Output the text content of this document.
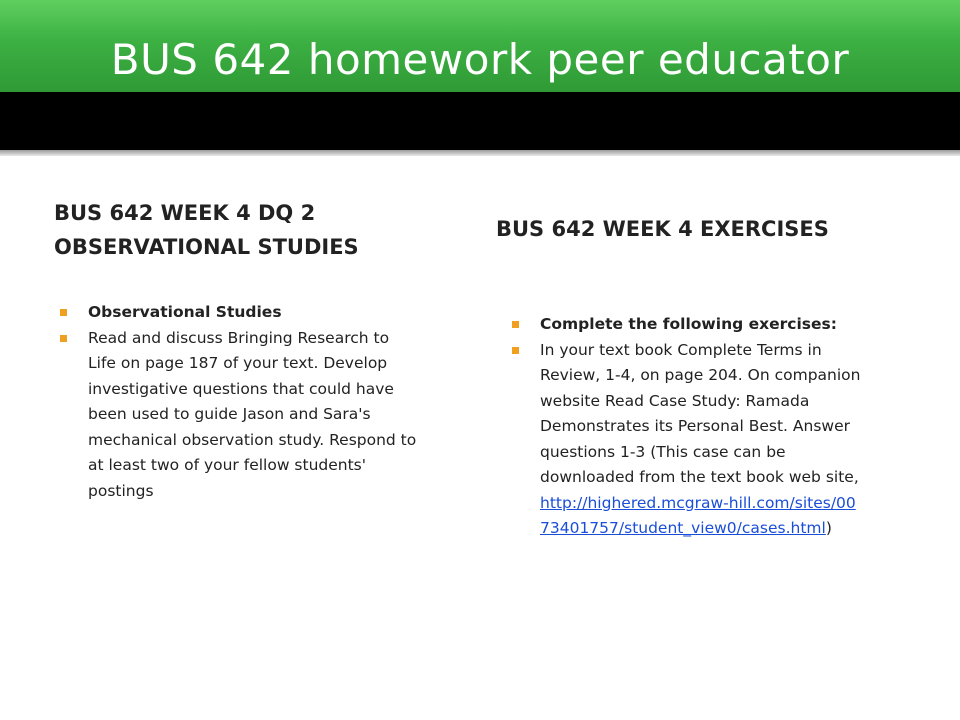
BUS 642 homework peer educator
BUS 642 WEEK 4 DQ 2 OBSERVATIONAL STUDIES
BUS 642 WEEK 4 EXERCISES
Observational Studies
Read and discuss Bringing Research to Life on page 187 of your text. Develop investigative questions that could have been used to guide Jason and Sara's mechanical observation study. Respond to at least two of your fellow students' postings
Complete the following exercises:
In your text book Complete Terms in Review, 1-4, on page 204. On companion website Read Case Study: Ramada Demonstrates its Personal Best. Answer questions 1-3 (This case can be downloaded from the text book web site, http://highered.mcgraw-hill.com/sites/0073401757/student_view0/cases.html)
